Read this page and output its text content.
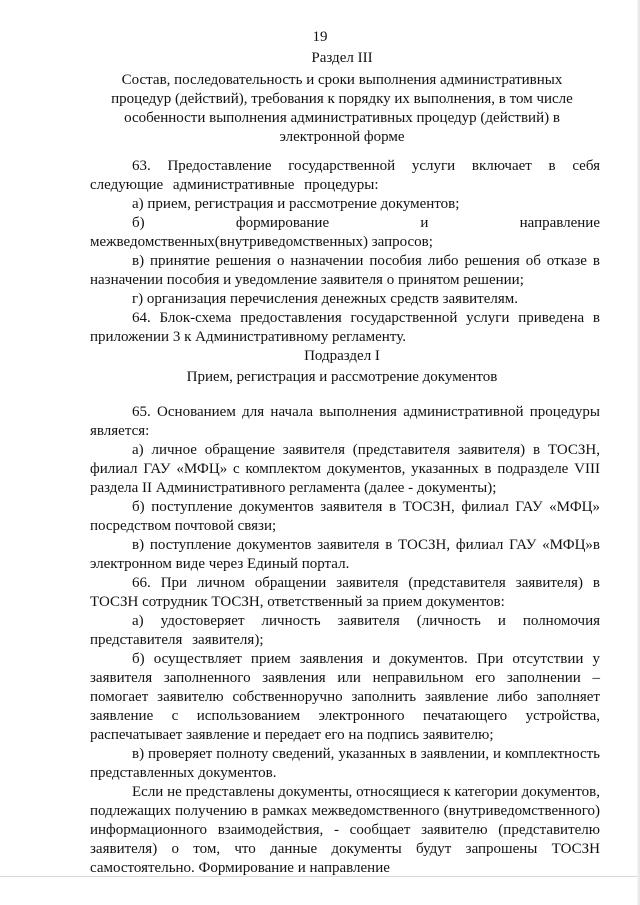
19
Раздел III
Состав, последовательность и сроки выполнения административных
процедур (действий), требования к порядку их выполнения, в том числе
особенности выполнения административных процедур (действий) в
электронной форме

63. Предоставление государственной услуги включает в себя следующие административные процедуры:

а) прием, регистрация и рассмотрение документов;

б) формирование и направление межведомственных(внутриведомственных) запросов;

в) принятие решения о назначении пособия либо решения об отказе в назначении пособия и уведомление заявителя о принятом решении;

г) организация перечисления денежных средств заявителям.

64. Блок-схема предоставления государственной услуги приведена в приложении 3 к Административному регламенту.

Подраздел I
Прием, регистрация и рассмотрение документов

65. Основанием для начала выполнения административной процедуры является:

а) личное обращение заявителя (представителя заявителя) в ТОСЗН, филиал ГАУ «МФЦ» с комплектом документов, указанных в подразделе VIII раздела II Административного регламента (далее - документы);

б) поступление документов заявителя в ТОСЗН, филиал ГАУ «МФЦ» посредством почтовой связи;

в) поступление документов заявителя в ТОСЗН, филиал ГАУ «МФЦ»в электронном виде через Единый портал.

66. При личном обращении заявителя (представителя заявителя) в ТОСЗН сотрудник ТОСЗН, ответственный за прием документов:

а) удостоверяет личность заявителя (личность и полномочия представителя заявителя);

б) осуществляет прием заявления и документов. При отсутствии у заявителя заполненного заявления или неправильном его заполнении – помогает заявителю собственноручно заполнить заявление либо заполняет заявление с использованием электронного печатающего устройства, распечатывает заявление и передает его на подпись заявителю;

в) проверяет полноту сведений, указанных в заявлении, и комплектность представленных документов.

Если не представлены документы, относящиеся к категории документов, подлежащих получению в рамках межведомственного (внутриведомственного) информационного взаимодействия, - сообщает заявителю (представителю заявителя) о том, что данные документы будут запрошены ТОСЗН самостоятельно. Формирование и направление
